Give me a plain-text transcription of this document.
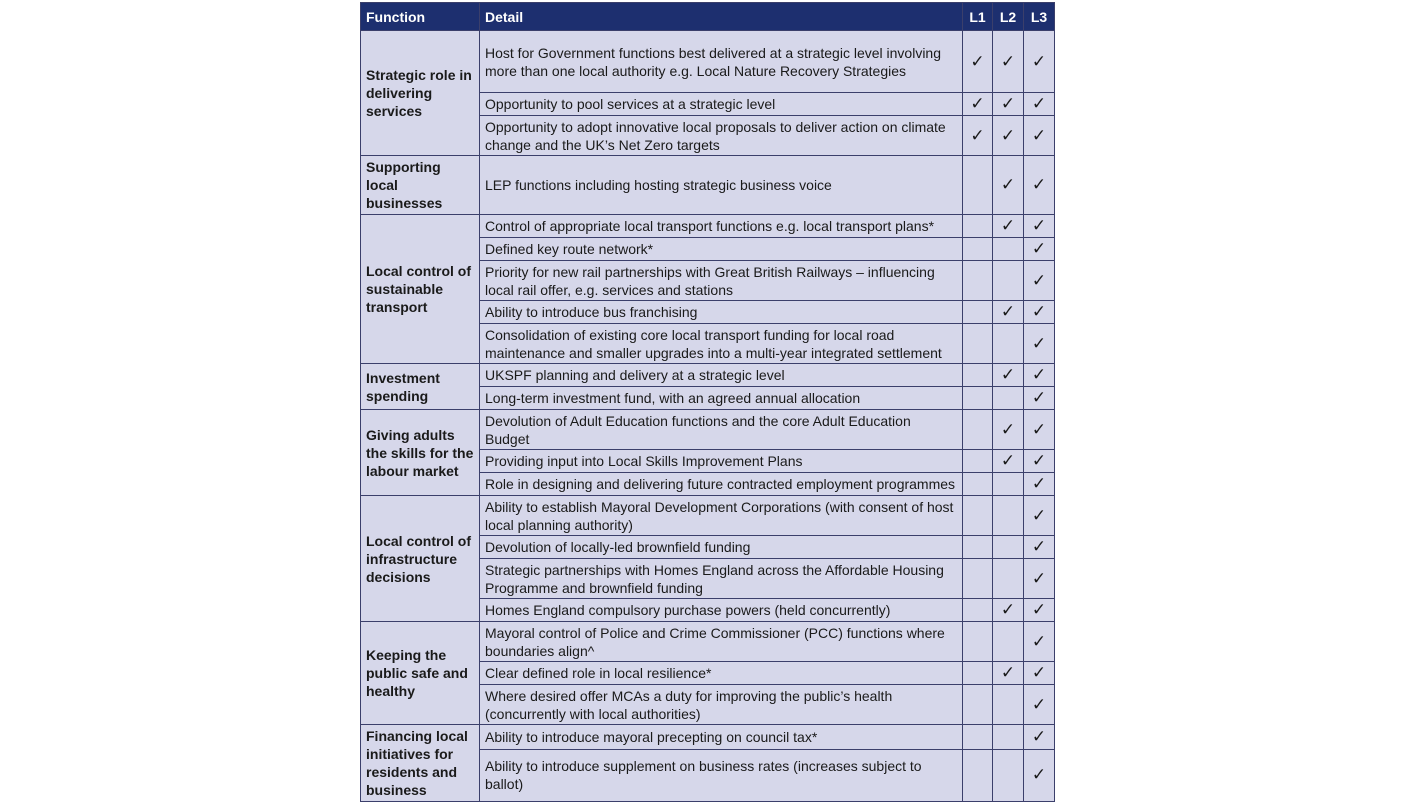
Function	Detail	L1	L2	L3
Strategic role in delivering services	Host for Government functions best delivered at a strategic level involving more than one local authority e.g. Local Nature Recovery Strategies	✓	✓	✓
	Opportunity to pool services at a strategic level	✓	✓	✓
	Opportunity to adopt innovative local proposals to deliver action on climate change and the UK’s Net Zero targets	✓	✓	✓
Supporting local businesses	LEP functions including hosting strategic business voice		✓	✓
Local control of sustainable transport	Control of appropriate local transport functions e.g. local transport plans*		✓	✓
	Defined key route network*			✓
	Priority for new rail partnerships with Great British Railways – influencing local rail offer, e.g. services and stations			✓
	Ability to introduce bus franchising		✓	✓
	Consolidation of existing core local transport funding for local road maintenance and smaller upgrades into a multi-year integrated settlement			✓
Investment spending	UKSPF planning and delivery at a strategic level		✓	✓
	Long-term investment fund, with an agreed annual allocation			✓
Giving adults the skills for the labour market	Devolution of Adult Education functions and the core Adult Education Budget		✓	✓
	Providing input into Local Skills Improvement Plans		✓	✓
	Role in designing and delivering future contracted employment programmes			✓
Local control of infrastructure decisions	Ability to establish Mayoral Development Corporations (with consent of host local planning authority)			✓
	Devolution of locally-led brownfield funding			✓
	Strategic partnerships with Homes England across the Affordable Housing Programme and brownfield funding			✓
	Homes England compulsory purchase powers (held concurrently)		✓	✓
Keeping the public safe and healthy	Mayoral control of Police and Crime Commissioner (PCC) functions where boundaries align^			✓
	Clear defined role in local resilience*		✓	✓
	Where desired offer MCAs a duty for improving the public’s health (concurrently with local authorities)			✓
Financing local initiatives for residents and business	Ability to introduce mayoral precepting on council tax*			✓
	Ability to introduce supplement on business rates (increases subject to ballot)			✓
